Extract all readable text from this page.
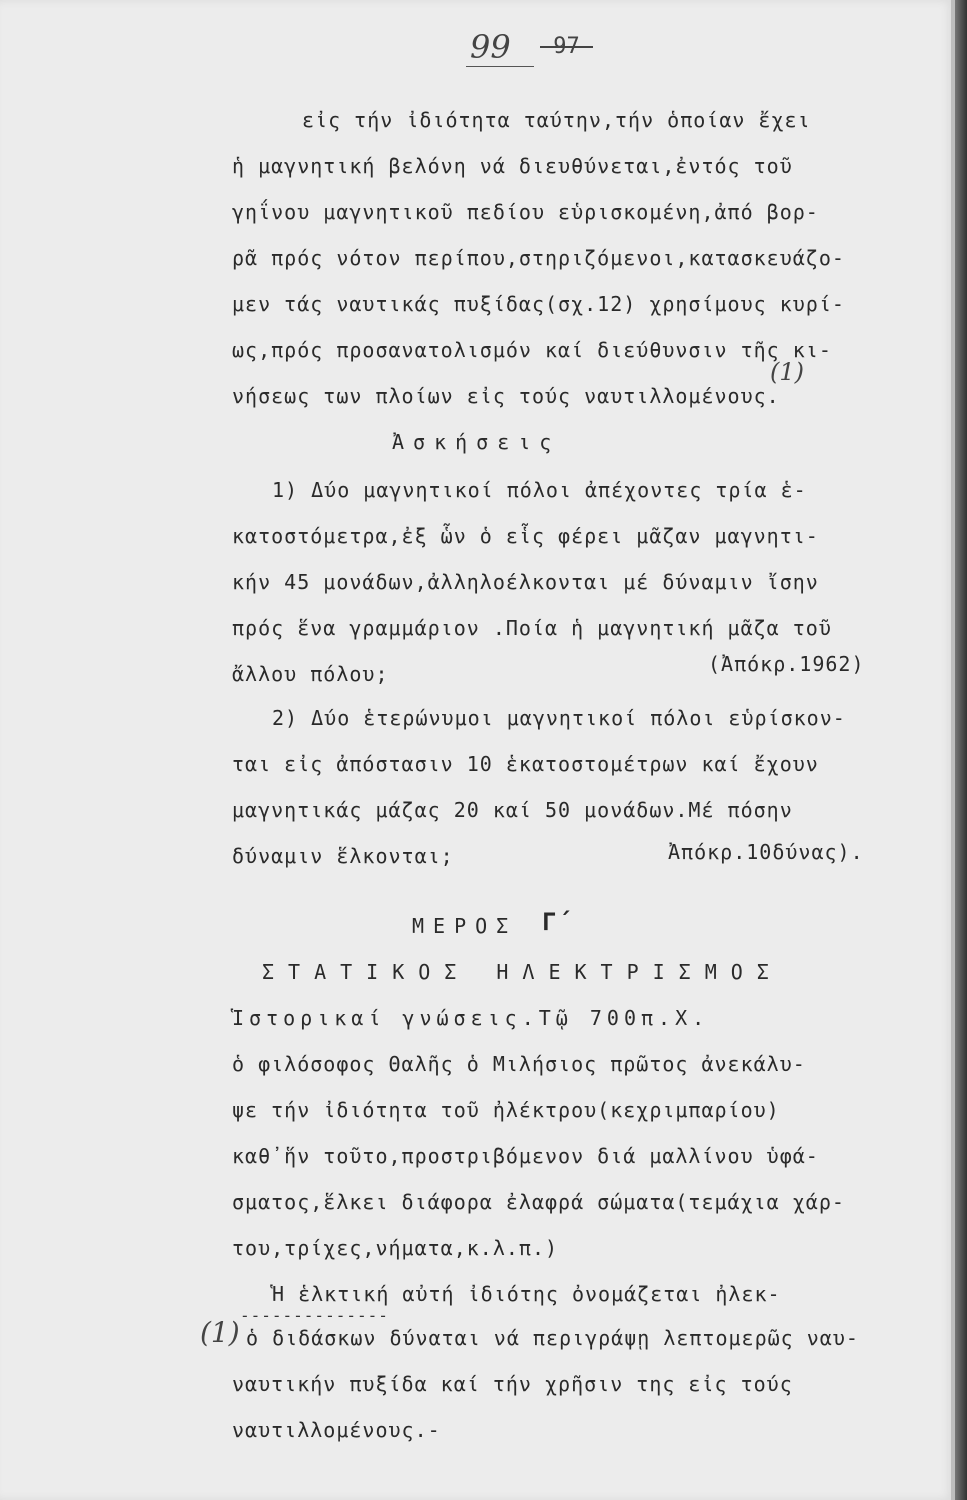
99 -97-
εἰς τήν ἰδιότητα ταύτην,τήν ὁποίαν ἔχει
ἡ μαγνητική βελόνη νά διευθύνεται,ἐντός τοῦ
γηΐνου μαγνητικοῦ πεδίου εὑρισκομένη,ἀπό βορ-
ρᾶ πρός νότον περίπου,στηριζόμενοι,κατασκευάζο-
μεν τάς ναυτικάς πυξίδας(σχ.12) χρησίμους κυρί-
ως,πρός προσανατολισμόν καί διεύθυνσιν τῆς κι-
νήσεως των πλοίων εἰς τούς ναυτιλλομένους.
(1)
Ἀσκήσεις
1) Δύο μαγνητικοί πόλοι ἀπέχοντες τρία ἑ-
κατοστόμετρα,ἐξ ὧν ὁ εἷς φέρει μᾶζαν μαγνητι-
κήν 45 μονάδων,ἀλληλοέλκονται μέ δύναμιν ἴσην
πρός ἕνα γραμμάριον .Ποία ἡ μαγνητική μᾶζα τοῦ
ἄλλου πόλου;	(Ἀπόκρ.1962)
2) Δύο ἑτερώνυμοι μαγνητικοί πόλοι εὑρίσκον-
ται εἰς ἀπόστασιν 10 ἑκατοστομέτρων καί ἔχουν
μαγνητικάς μάζας 20 καί 50 μονάδων.Μέ πόσην
δύναμιν ἕλκονται;	Ἀπόκρ.10δύνας).
ΜΕΡΟΣ Γ΄
ΣΤΑΤΙΚΟΣ ΗΛΕΚΤΡΙΣΜΟΣ
Ἱστορικαί γνώσεις.Τῷ 700π.Χ.
ὁ φιλόσοφος Θαλῆς ὁ Μιλήσιος πρῶτος ἀνεκάλυ-
ψε τήν ἰδιότητα τοῦ ἠλέκτρου(κεχριμπαρίου)
καθ᾽ἥν τοῦτο,προστριβόμενον διά μαλλίνου ὑφά-
σματος,ἕλκει διάφορα ἐλαφρά σώματα(τεμάχια χάρ-
του,τρίχες,νήματα,κ.λ.π.)
Ἡ ἑλκτική αὐτή ἰδιότης ὀνομάζεται ἠλεκ-
--------------
(1) ὁ διδάσκων δύναται νά περιγράψῃ λεπτομερῶς ναυ-
ναυτικήν πυξίδα καί τήν χρῆσιν της εἰς τούς
ναυτιλλομένους.-
